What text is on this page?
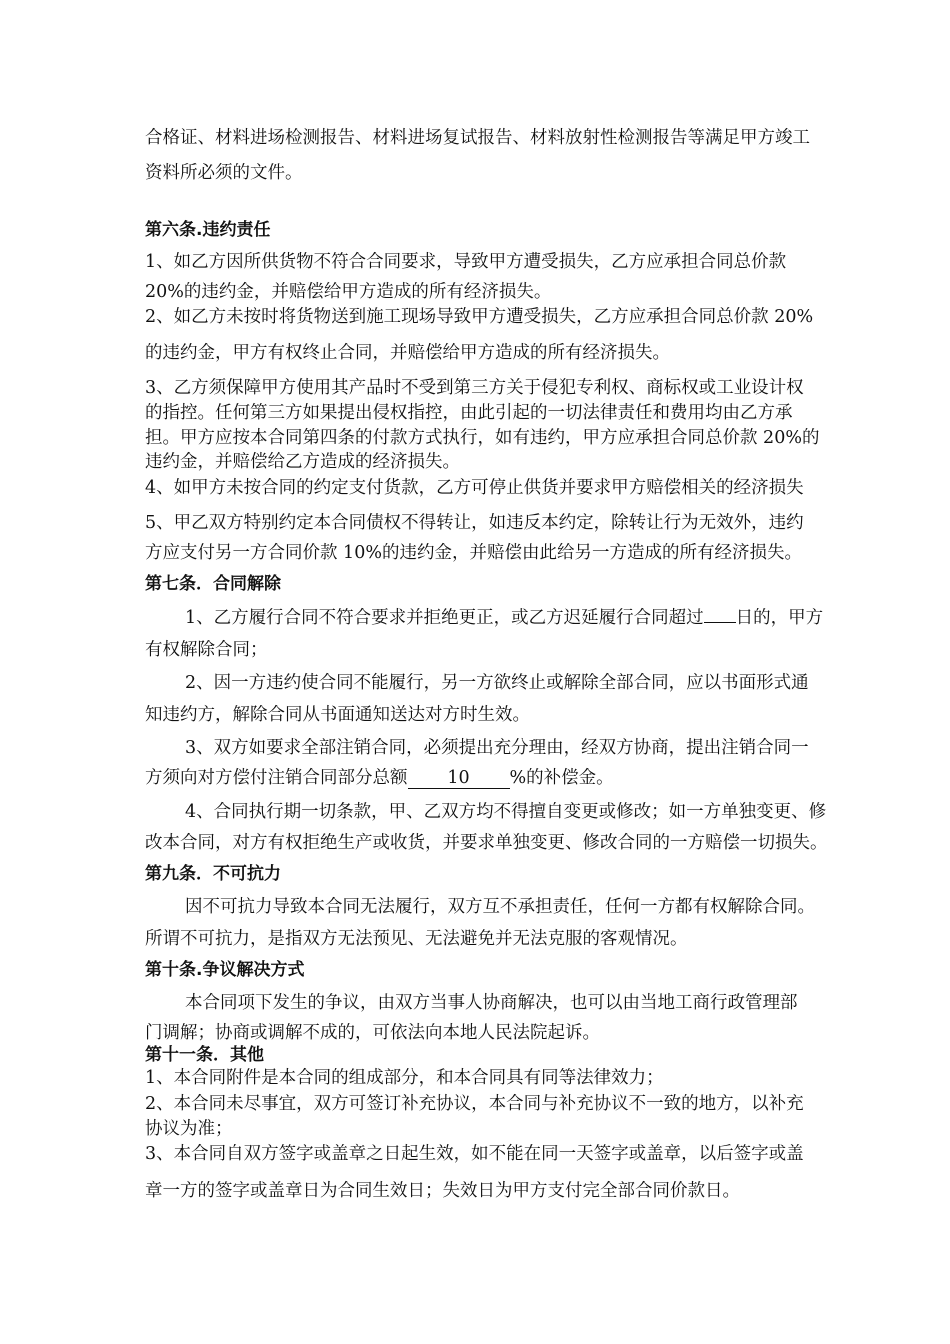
合格证、材料进场检测报告、材料进场复试报告、材料放射性检测报告等满足甲方竣工
资料所必须的文件。
第六条.违约责任
1、如乙方因所供货物不符合合同要求，导致甲方遭受损失，乙方应承担合同总价款
20%的违约金，并赔偿给甲方造成的所有经济损失。
2、如乙方未按时将货物送到施工现场导致甲方遭受损失，乙方应承担合同总价款 20%
的违约金，甲方有权终止合同，并赔偿给甲方造成的所有经济损失。
3、乙方须保障甲方使用其产品时不受到第三方关于侵犯专利权、商标权或工业设计权
的指控。任何第三方如果提出侵权指控，由此引起的一切法律责任和费用均由乙方承
担。甲方应按本合同第四条的付款方式执行，如有违约，甲方应承担合同总价款 20%的
违约金，并赔偿给乙方造成的经济损失。
4、如甲方未按合同的约定支付货款，乙方可停止供货并要求甲方赔偿相关的经济损失
5、甲乙双方特别约定本合同债权不得转让，如违反本约定，除转让行为无效外，违约
方应支付另一方合同价款 10%的违约金，并赔偿由此给另一方造成的所有经济损失。
第七条．合同解除
1、乙方履行合同不符合要求并拒绝更正，或乙方迟延履行合同超过 日的，甲方
有权解除合同；
2、因一方违约使合同不能履行，另一方欲终止或解除全部合同，应以书面形式通
知违约方，解除合同从书面通知送达对方时生效。
3、双方如要求全部注销合同，必须提出充分理由，经双方协商，提出注销合同一
方须向对方偿付注销合同部分总额 10 %的补偿金。
4、合同执行期一切条款，甲、乙双方均不得擅自变更或修改；如一方单独变更、修
改本合同，对方有权拒绝生产或收货，并要求单独变更、修改合同的一方赔偿一切损失。
第九条．不可抗力
因不可抗力导致本合同无法履行，双方互不承担责任，任何一方都有权解除合同。
所谓不可抗力，是指双方无法预见、无法避免并无法克服的客观情况。
第十条.争议解决方式
本合同项下发生的争议，由双方当事人协商解决，也可以由当地工商行政管理部
门调解；协商或调解不成的，可依法向本地人民法院起诉。
第十一条．其他
1、本合同附件是本合同的组成部分，和本合同具有同等法律效力；
2、本合同未尽事宜，双方可签订补充协议，本合同与补充协议不一致的地方，以补充
协议为准；
3、本合同自双方签字或盖章之日起生效，如不能在同一天签字或盖章，以后签字或盖
章一方的签字或盖章日为合同生效日；失效日为甲方支付完全部合同价款日。
